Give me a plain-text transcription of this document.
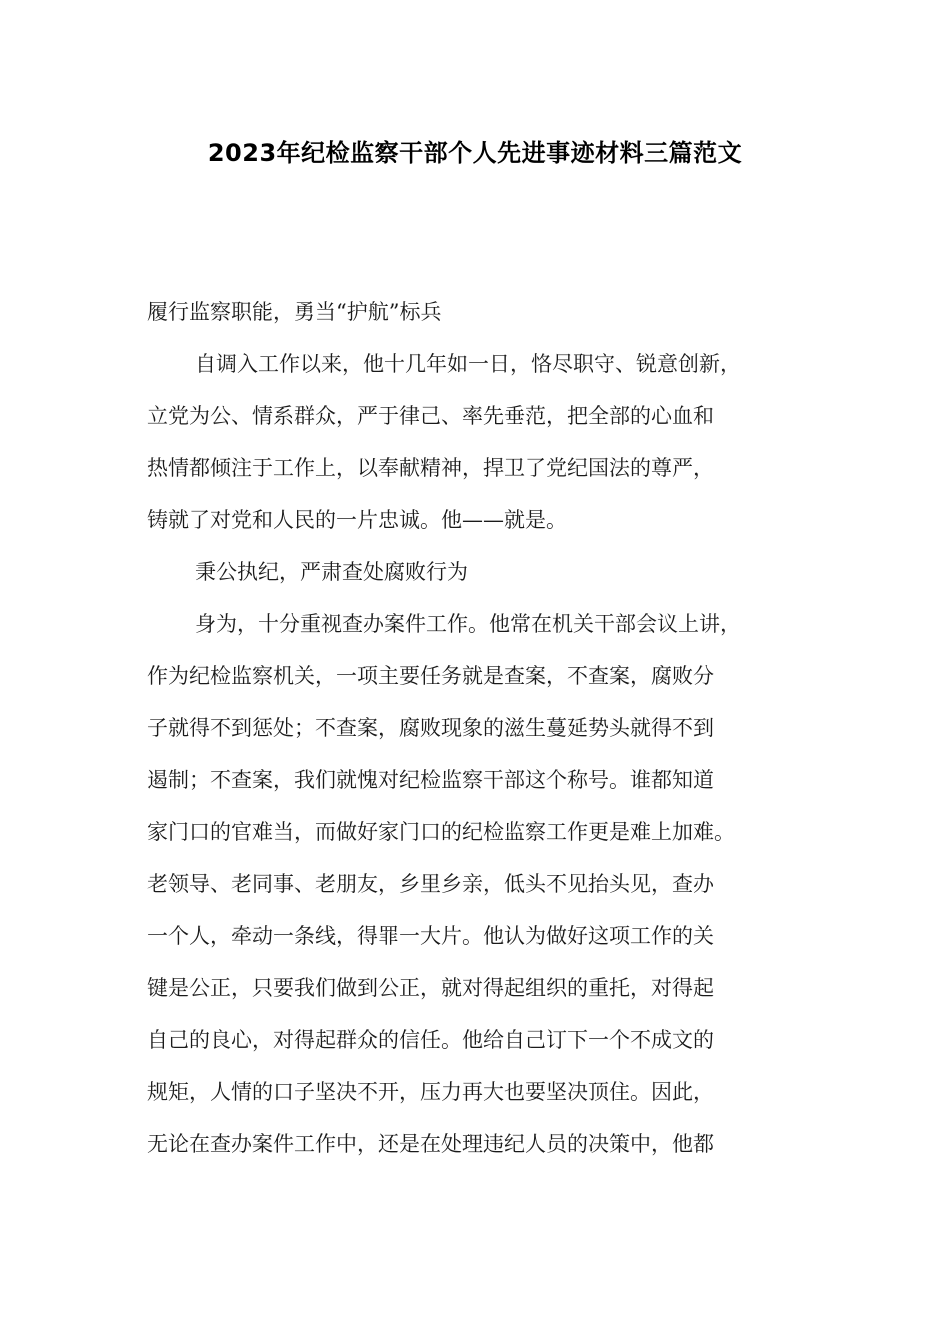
2023年纪检监察干部个人先进事迹材料三篇范文
履行监察职能，勇当“护航”标兵
自调入工作以来，他十几年如一日，恪尽职守、锐意创新，
立党为公、情系群众，严于律己、率先垂范，把全部的心血和
热情都倾注于工作上，以奉献精神，捍卫了党纪国法的尊严，
铸就了对党和人民的一片忠诚。他——就是。
秉公执纪，严肃查处腐败行为
身为，十分重视查办案件工作。他常在机关干部会议上讲，
作为纪检监察机关，一项主要任务就是查案，不查案，腐败分
子就得不到惩处；不查案，腐败现象的滋生蔓延势头就得不到
遏制；不查案，我们就愧对纪检监察干部这个称号。谁都知道
家门口的官难当，而做好家门口的纪检监察工作更是难上加难。
老领导、老同事、老朋友，乡里乡亲，低头不见抬头见，查办
一个人，牵动一条线，得罪一大片。他认为做好这项工作的关
键是公正，只要我们做到公正，就对得起组织的重托，对得起
自己的良心，对得起群众的信任。他给自己订下一个不成文的
规矩，人情的口子坚决不开，压力再大也要坚决顶住。因此，
无论在查办案件工作中，还是在处理违纪人员的决策中，他都
